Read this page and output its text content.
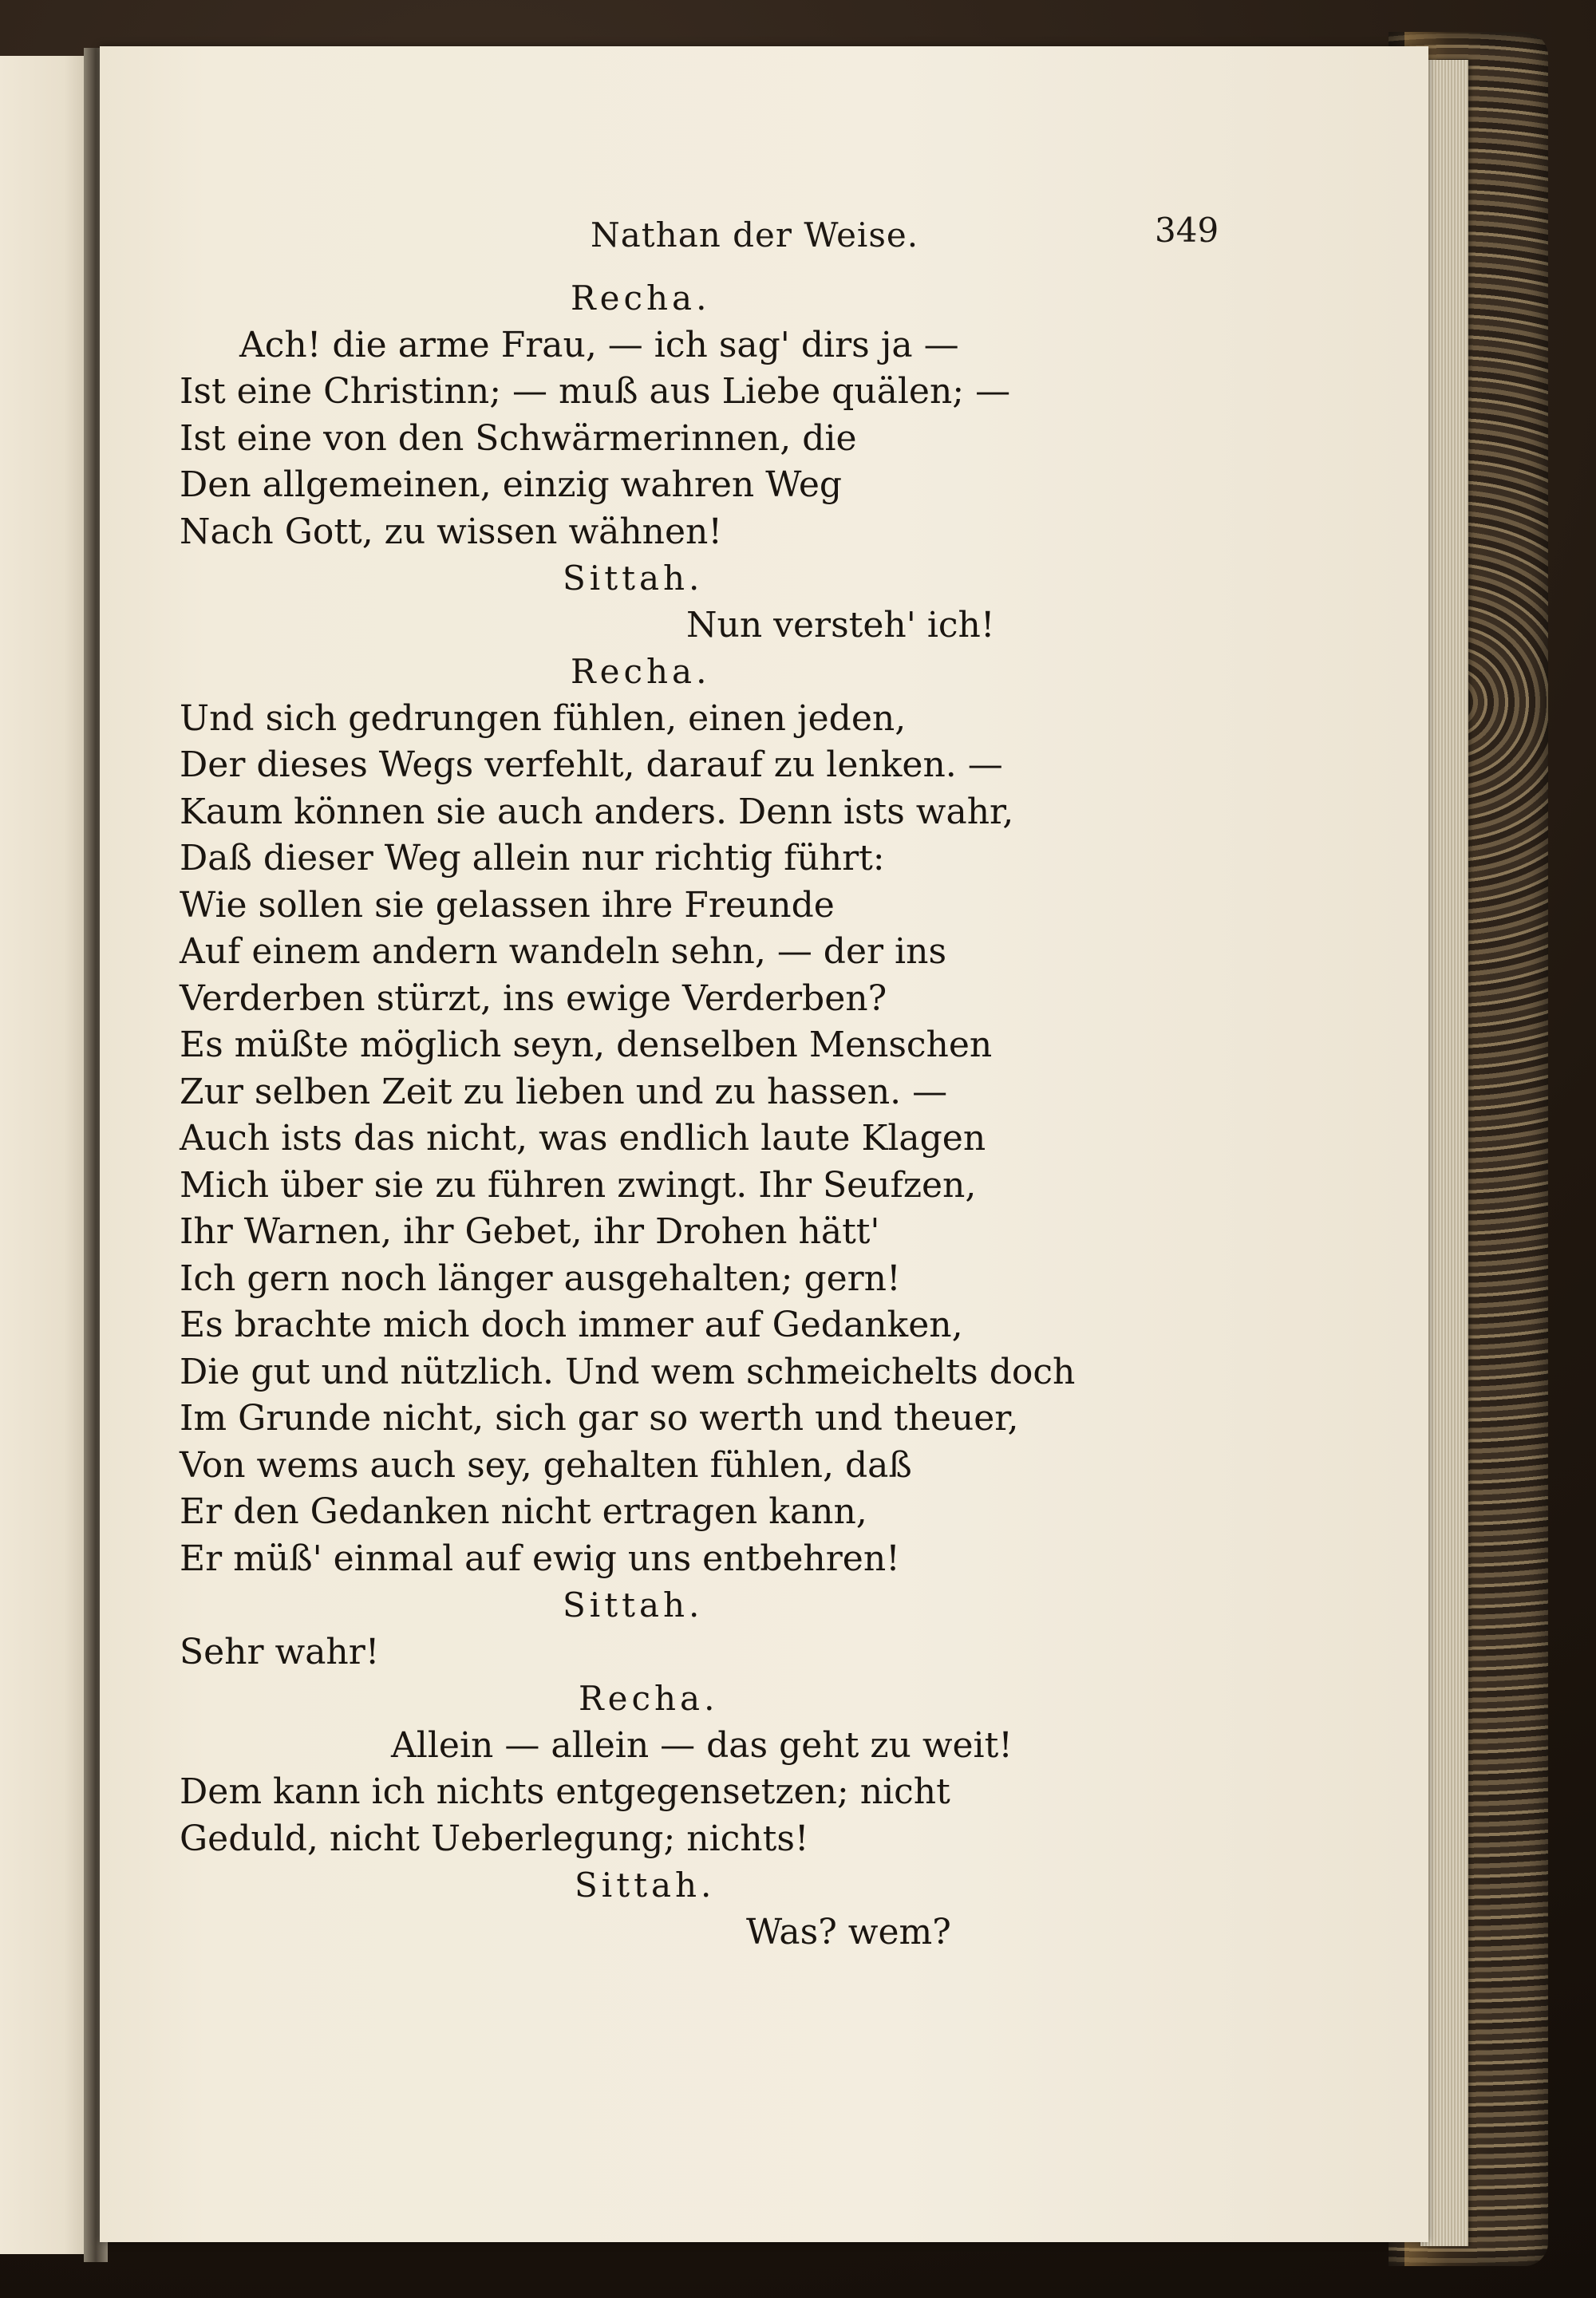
Nathan der Weise.	349
Recha.
Ach! die arme Frau, — ich sag' dirs ja —
Ist eine Christinn; — muß aus Liebe quälen; —
Ist eine von den Schwärmerinnen, die
Den allgemeinen, einzig wahren Weg
Nach Gott, zu wissen wähnen!
Sittah.
Nun versteh' ich!
Recha.
Und sich gedrungen fühlen, einen jeden,
Der dieses Wegs verfehlt, darauf zu lenken. —
Kaum können sie auch anders. Denn ists wahr,
Daß dieser Weg allein nur richtig führt:
Wie sollen sie gelassen ihre Freunde
Auf einem andern wandeln sehn, — der ins
Verderben stürzt, ins ewige Verderben?
Es müßte möglich seyn, denselben Menschen
Zur selben Zeit zu lieben und zu hassen. —
Auch ists das nicht, was endlich laute Klagen
Mich über sie zu führen zwingt. Ihr Seufzen,
Ihr Warnen, ihr Gebet, ihr Drohen hätt'
Ich gern noch länger ausgehalten; gern!
Es brachte mich doch immer auf Gedanken,
Die gut und nützlich. Und wem schmeichelts doch
Im Grunde nicht, sich gar so werth und theuer,
Von wems auch sey, gehalten fühlen, daß
Er den Gedanken nicht ertragen kann,
Er müß' einmal auf ewig uns entbehren!
Sittah.
Sehr wahr!
Recha.
Allein — allein — das geht zu weit!
Dem kann ich nichts entgegensetzen; nicht
Geduld, nicht Ueberlegung; nichts!
Sittah.
Was? wem?
